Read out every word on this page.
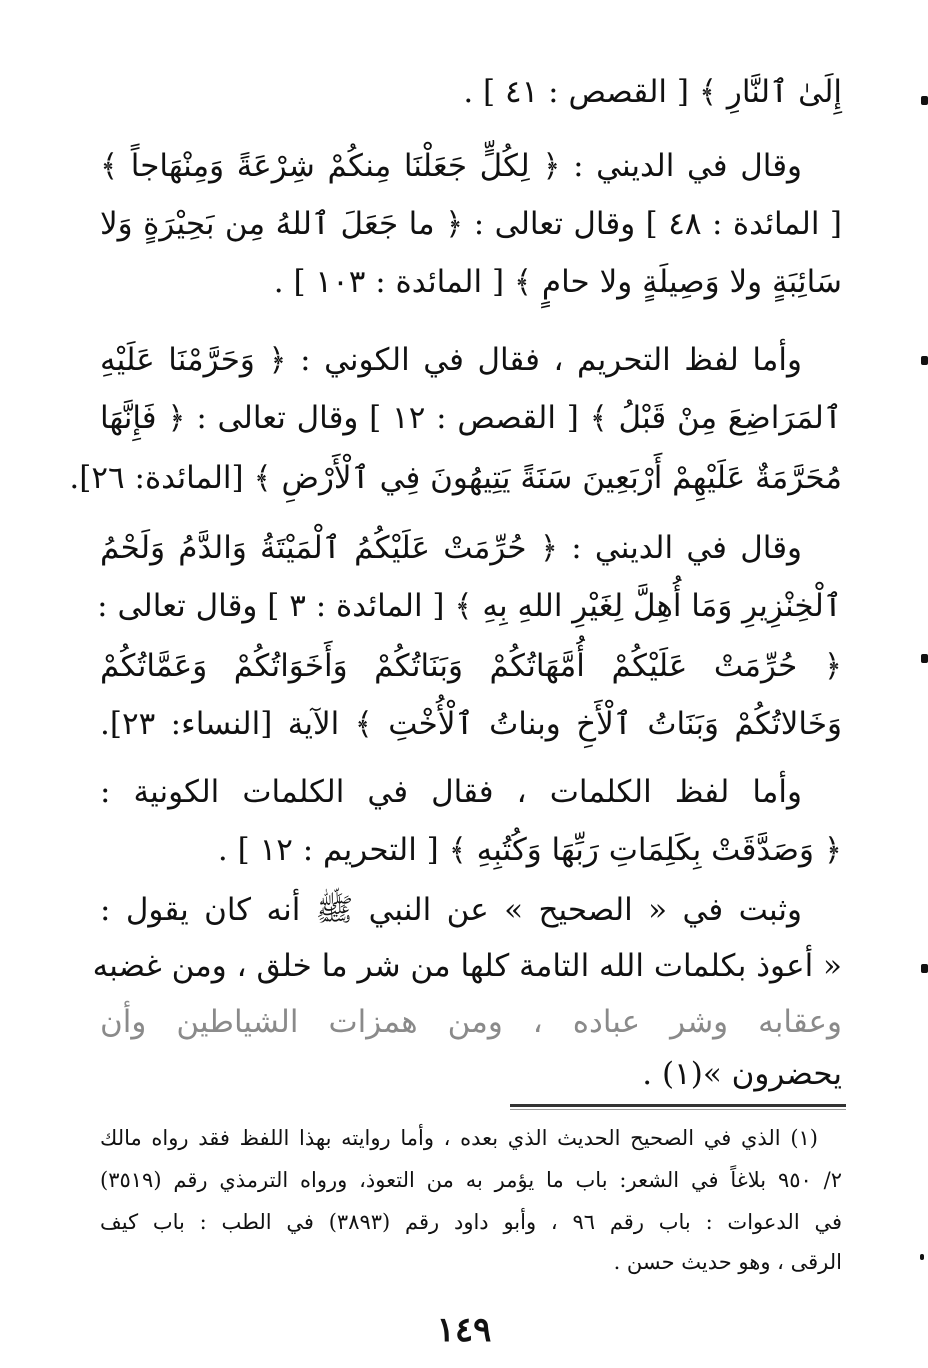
إِلَىٰ ٱلنَّارِ ﴾ [ القصص : ٤١ ] .
وقال في الديني : ﴿ لِكُلٍّ جَعَلْنَا مِنكُمْ شِرْعَةً وَمِنْهَاجاً ﴾
[ المائدة : ٤٨ ] وقال تعالى : ﴿ ما جَعَلَ ٱللهُ مِن بَحِيْرَةٍ وَلا
سَائِبَةٍ ولا وَصِيلَةٍ ولا حامٍ ﴾ [ المائدة : ١٠٣ ] .
وأما لفظ التحريم ، فقال في الكوني : ﴿ وَحَرَّمْنَا عَلَيْهِ
ٱلمَرَاضِعَ مِنْ قَبْلُ ﴾ [ القصص : ١٢ ] وقال تعالى : ﴿ فَإِنَّهَا
مُحَرَّمَةٌ عَلَيْهِمْ أَرْبَعِينَ سَنَةً يَتِيهُونَ فِي ٱلْأَرْضِ ﴾ [المائدة: ٢٦].
وقال في الديني : ﴿ حُرِّمَتْ عَلَيْكُمُ ٱلْمَيْتَةُ وَالدَّمُ وَلَحْمُ
ٱلْخِنْزِيرِ وَمَا أُهِلَّ لِغَيْرِ اللهِ بِهِ ﴾ [ المائدة : ٣ ] وقال تعالى :
﴿ حُرِّمَتْ عَلَيْكُمْ أُمَّهَاتُكُمْ وَبَنَاتُكُمْ وَأَخَوَاتُكُمْ وَعَمَّاتُكُمْ
وَخَالاتُكُمْ وَبَنَاتُ ٱلْأَخِ وبناتُ ٱلْأُخْتِ ﴾ الآية [النساء: ٢٣].
وأما لفظ الكلمات ، فقال في الكلمات الكونية :
﴿ وَصَدَّقَتْ بِكَلِمَاتِ رَبِّهَا وَكُتُبِهِ ﴾ [ التحريم : ١٢ ] .
وثبت في « الصحيح » عن النبي ﷺ أنه كان يقول :
« أعوذ بكلمات الله التامة كلها من شر ما خلق ، ومن غضبه
وعقابه وشر عباده ، ومن همزات الشياطين وأن
يحضرون »(١) .
(١) الذي في الصحيح الحديث الذي بعده ، وأما روايته بهذا اللفظ فقد رواه مالك
٢/ ٩٥٠ بلاغاً في الشعر: باب ما يؤمر به من التعوذ، ورواه الترمذي رقم (٣٥١٩)
في الدعوات : باب رقم ٩٦ ، وأبو داود رقم (٣٨٩٣) في الطب : باب كيف
الرقى ، وهو حديث حسن .
١٤٩
